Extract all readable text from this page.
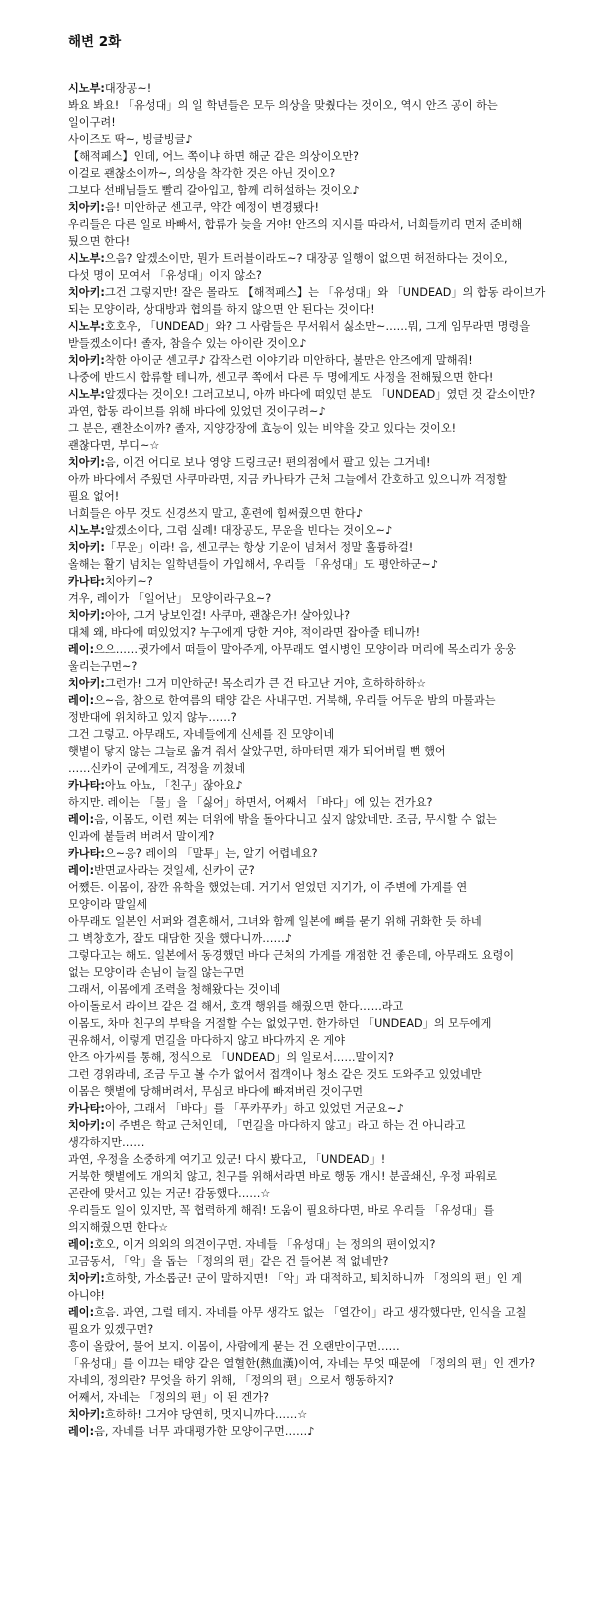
해변 2화
시노부:대장공~!
봐요 봐요! 「유성대」의 일 학년들은 모두 의상을 맞췄다는 것이오, 역시 안즈 공이 하는
일이구려!
사이즈도 딱~, 빙글빙글♪
【해적페스】인데, 어느 쪽이냐 하면 해군 같은 의상이오만?
이걸로 괜찮소이까~, 의상을 착각한 것은 아닌 것이오?
그보다 선배님들도 빨리 갈아입고, 함께 리허설하는 것이오♪
치아키:음! 미안하군 센고쿠, 약간 예정이 변경됐다!
우리들은 다른 일로 바빠서, 합류가 늦을 거야! 안즈의 지시를 따라서, 너희들끼리 먼저 준비해
뒀으면 한다!
시노부:으음? 알겠소이만, 뭔가 트러블이라도~? 대장공 일행이 없으면 허전하다는 것이오,
다섯 명이 모여서 「유성대」이지 않소?
치아키:그건 그렇지만! 잘은 몰라도 【해적페스】는 「유성대」와 「UNDEAD」의 합동 라이브가
되는 모양이라, 상대방과 협의를 하지 않으면 안 된다는 것이다!
시노부:호호우, 「UNDEAD」와? 그 사람들은 무서워서 싫소만~……뭐, 그게 임무라면 명령을
받들겠소이다! 졸자, 참을수 있는 아이란 것이오♪
치아키:착한 아이군 센고쿠♪ 갑작스런 이야기라 미안하다, 불만은 안즈에게 말해줘!
나중에 반드시 합류할 테니까, 센고쿠 쪽에서 다른 두 명에게도 사정을 전해뒀으면 한다!
시노부:알겠다는 것이오! 그러고보니, 아까 바다에 떠있던 분도 「UNDEAD」였던 것 같소이만?
과연, 합동 라이브를 위해 바다에 있었던 것이구려~♪
그 분은, 괜찬소이까? 졸자, 지양강장에 효능이 있는 비약을 갖고 있다는 것이오!
괜찮다면, 부디~☆
치아키:음, 이건 어디로 보나 영양 드링크군! 편의점에서 팔고 있는 그거네!
아까 바다에서 주웠던 사쿠마라면, 지금 카나타가 근처 그늘에서 간호하고 있으니까 걱정할
필요 없어!
너희들은 아무 것도 신경쓰지 말고, 훈련에 힘써줬으면 한다♪
시노부:알겠소이다, 그럼 실례! 대장공도, 무운을 빈다는 것이오~♪
치아키:「무운」이라! 음, 센고쿠는 항상 기운이 넘쳐서 정말 훌륭하걸!
올해는 활기 넘치는 일학년들이 가입해서, 우리들 「유성대」도 평안하군~♪
카나타:치아키~?
겨우, 레이가 「일어난」 모양이라구요~?
치아키:아아, 그거 낭보인걸! 사쿠마, 괜찮은가! 살아있나?
대체 왜, 바다에 떠있었지? 누구에게 당한 거야, 적이라면 잡아줄 테니까!
레이:으으……귓가에서 떠들이 말아주게, 아무래도 열시병인 모양이라 머리에 목소리가 웅웅
울리는구먼~?
치아키:그런가! 그거 미안하군! 목소리가 큰 건 타고난 거야, 흐하하하하☆
레이:으~음, 참으로 한여름의 태양 같은 사내구먼. 거북해, 우리들 어두운 밤의 마물과는
정반대에 위치하고 있지 않누……?
그건 그렇고. 아무래도, 자네들에게 신세를 진 모양이네
햇볕이 닿지 않는 그늘로 옮겨 줘서 살았구먼, 하마터면 재가 되어버릴 뻔 했어
……신카이 군에게도, 걱정을 끼쳤네
카나타:아뇨 아뇨, 「친구」잖아요♪
하지만. 레이는 「물」을 「싫어」하면서, 어째서 「바다」에 있는 건가요?
레이:음, 이몸도, 이런 찌는 더위에 밖을 돌아다니고 싶지 않았네만. 조금, 무시할 수 없는
인과에 붙들려 버려서 말이게?
카나타:으~응? 레이의 「말투」는, 알기 어렵네요?
레이:반면교사라는 것일세, 신카이 군?
어쨌든. 이몸이, 잠깐 유학을 했었는데. 거기서 얻었던 지기가, 이 주변에 가게를 연
모양이라 말일세
아무래도 일본인 서퍼와 결혼해서, 그녀와 함께 일본에 뼈를 묻기 위해 귀화한 듯 하네
그 벽창호가, 잘도 대담한 짓을 했다니까……♪
그렇다고는 해도. 일본에서 동경했던 바다 근처의 가게를 개점한 건 좋은데, 아무래도 요령이
없는 모양이라 손님이 늘질 않는구먼
그래서, 이몸에게 조력을 청해왔다는 것이네
아이돌로서 라이브 같은 걸 해서, 호객 행위를 해줬으면 한다……라고
이몸도, 차마 친구의 부탁을 거절할 수는 없었구먼. 한가하던 「UNDEAD」의 모두에게
권유해서, 이렇게 먼길을 마다하지 않고 바다까지 온 게야
안즈 아가씨를 통해, 정식으로 「UNDEAD」의 일로서……말이지?
그런 경위라네, 조금 두고 볼 수가 없어서 접객이나 청소 같은 것도 도와주고 있었네만
이몸은 햇볕에 당해버려서, 무심코 바다에 빠져버린 것이구먼
카나타:아아, 그래서 「바다」를 「푸카푸카」하고 있었던 거군요~♪
치아키:이 주변은 학교 근처인데, 「먼길을 마다하지 않고」라고 하는 건 아니라고
생각하지만……
과연, 우정을 소중하게 여기고 있군! 다시 봤다고, 「UNDEAD」!
거북한 햇볕에도 개의치 않고, 친구를 위해서라면 바로 행동 개시! 분골쇄신, 우정 파워로
곤란에 맞서고 있는 거군! 감동했다……☆
우리들도 일이 있지만, 꼭 협력하게 해줘! 도움이 필요하다면, 바로 우리들 「유성대」를
의지해줬으면 한다☆
레이:호오, 이거 의외의 의견이구먼. 자네들 「유성대」는 정의의 편이었지?
고금동서, 「악」을 돕는 「정의의 편」같은 건 들어본 적 없네만?
치아키:흐하핫, 가소롭군! 군이 말하지면! 「악」과 대적하고, 퇴치하니까 「정의의 편」인 게
아니야!
레이:흐음. 과연, 그럴 테지. 자네를 아무 생각도 없는 「열간이」라고 생각했다만, 인식을 고칠
필요가 있겠구먼?
흥이 올랐어, 물어 보지. 이몸이, 사람에게 묻는 건 오랜만이구먼……
「유성대」를 이끄는 태양 같은 열혈한(熱血漢)이여, 자네는 무엇 때문에 「정의의 편」인 겐가?
자네의, 정의란? 무엇을 하기 위해, 「정의의 편」으로서 행동하지?
어째서, 자네는 「정의의 편」이 된 겐가?
치아키:흐하하! 그거야 당연히, 멋지니까다……☆
레이:음, 자네를 너무 과대평가한 모양이구먼……♪
